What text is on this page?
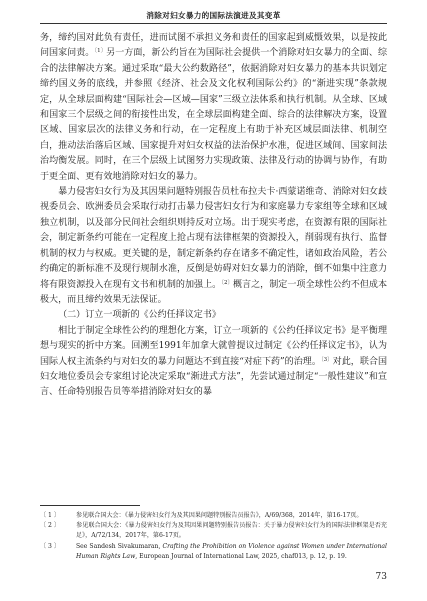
消除对妇女暴力的国际法演进及其变革

务，缔约国对此负有责任，进而试图不承担义务和责任的国家起到威慑效果，以是按此问国家问责。$^{〔1〕}$另一方面，新公约旨在为国际社会提供一个消除对妇女暴力的全面、综合的法律解决方案。通过采取“最大公约数路径”，依据消除对妇女暴力的基本共识划定缔约国义务的底线，并参照《经济、社会及文化权利国际公约》的“渐进实现”条款规定，从全球层面构建“国际社会—区域—国家”三级立法体系和执行机制。从全球、区域和国家三个层级之间的衔接性出发，在全球层面构建全面、综合的法律解决方案，设置区域、国家层次的法律义务和行动，在一定程度上有助于补充区域层面法律、机制空白，推动法治落后区域、国家提升对妇女权益的法治保护水准，促进区域间、国家间法治均衡发展。同时，在三个层级上试图努力实现政策、法律及行动的协调与协作，有助于更全面、更有效地消除对妇女的暴力。

暴力侵害妇女行为及其因果问题特别报告员杜布拉夫卡·西蒙诺维奇、消除对妇女歧视委员会、欧洲委员会采取行动打击暴力侵害妇女行为和家庭暴力专家组等全球和区域独立机制，以及部分民间社会组织则持反对立场。出于现实考虑，在资源有限的国际社会，制定新条约可能在一定程度上抢占现有法律框架的资源投入，削弱现有执行、监督机制的权力与权威。更关键的是，制定新条约存在诸多不确定性，诸如政治风险，若公约确定的新标准不及现行规制水准，反倒是妨碍对妇女暴力的消除，倒不如集中注意力将有限资源投入在现有文书和机制的加强上。$^{〔2〕}$概言之，制定一项全球性公约不但成本极大，而且缔约效果无法保证。

（二）订立一项新的《公约任择议定书》

相比于制定全球性公约的理想化方案，订立一项新的《公约任择议定书》是平衡理想与现实的折中方案。回溯至1991年加拿大就曾提议过制定《公约任择议定书》，认为国际人权主流条约与对妇女的暴力问题达不到直接“对症下药”的治理。$^{〔3〕}$对此，联合国妇女地位委员会专家组讨论决定采取“渐进式方法”，先尝试通过制定“一般性建议”和宣言、任命特别报告员等举措消除对妇女的暴

〔 1 〕	参见联合国大会：《暴力侵害妇女行为及其因果问题特别报告员报告》，A/69/368，2014年，第16-17页。
〔 2 〕	参见联合国大会：《暴力侵害妇女行为及其因果问题特别报告员报告：关于暴力侵害妇女行为的国际法律框架是否充足》，A/72/134，2017年，第6-17页。
〔 3 〕	See Sandesh Sivakumaran, Crafting the Prohibition on Violence against Women under International Human Rights Law, European Journal of International Law, 2025, chaf013, p. 12, p. 19.
73
